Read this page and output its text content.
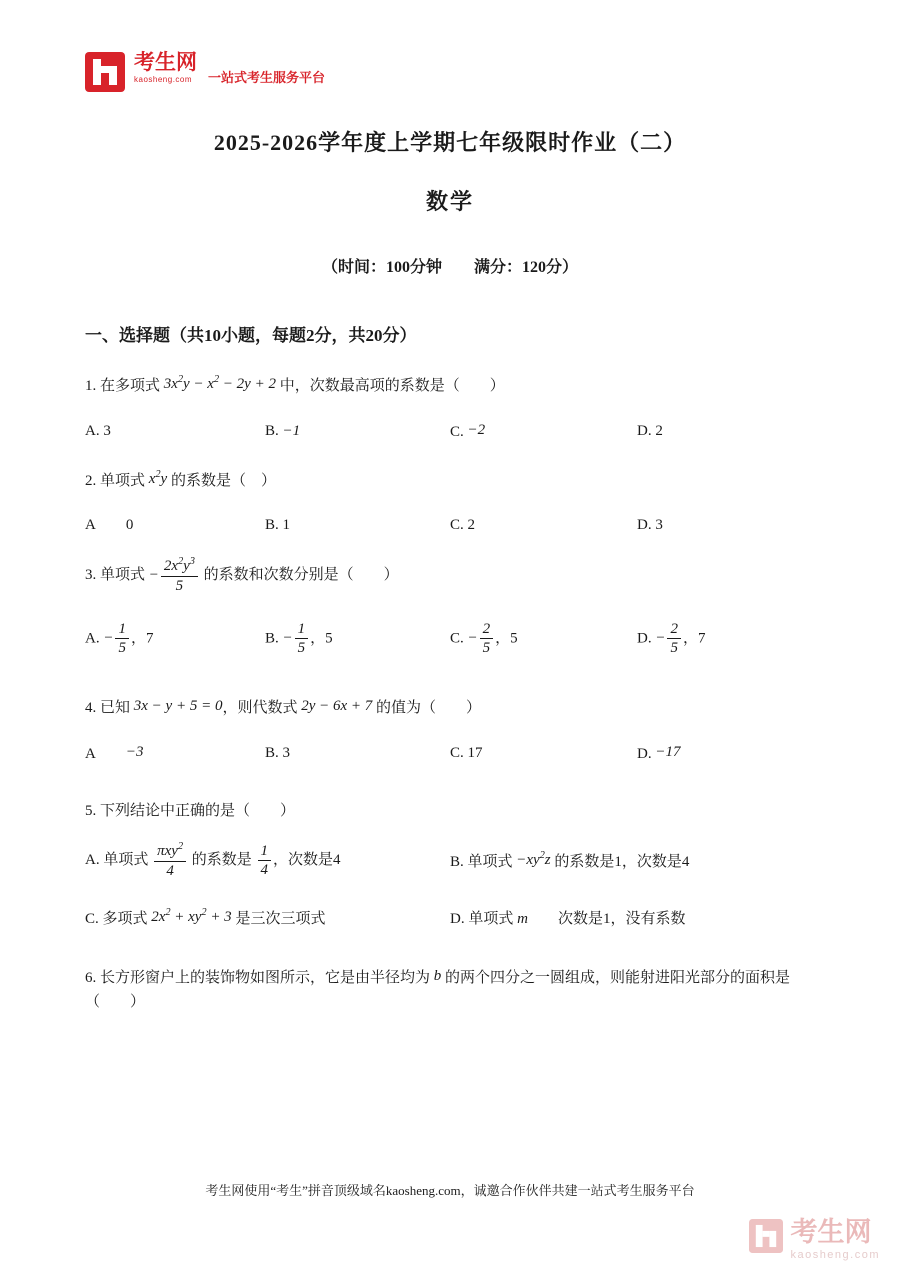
考生网
kaosheng.com	一站式考生服务平台
2025-2026学年度上学期七年级限时作业（二）
数学
（时间：100分钟　　满分：120分）
一、选择题（共10小题，每题2分，共20分）

1. 在多项式 $3x^2y - x^2 - 2y + 2$ 中，次数最高项的系数是（　　）

A. 3	B. −1	C. −2	D. 2

2. 单项式 $x^2y$ 的系数是（　）

A  0	B. 1	C. 2	D. 3

3. 单项式 − $\frac{2x^2y^3}{5}$ 的系数和次数分别是（　　）

A. − $\frac{1}{5}$ ，7	B. − $\frac{1}{5}$ ，5	C. − $\frac{2}{5}$ ，5	D. − $\frac{2}{5}$ ，7

4. 已知 3x − y + 5 = 0，则代数式 2y − 6x + 7 的值为（　　）

A  −3	B. 3	C. 17	D. −17

5. 下列结论中正确的是（　　）

A. 单项式 $\frac{\pi xy^2}{4}$ 的系数是 $\frac{1}{4}$ ，次数是4	B. 单项式 $-xy^2z$ 的系数是1，次数是4
C. 多项式 $2x^2 + xy^2 + 3$ 是三次三项式	D. 单项式 m  次数是1，没有系数

6. 长方形窗户上的装饰物如图所示，它是由半径均为 b 的两个四分之一圆组成，则能射进阳光部分的面积是（　　）

考生网使用“考生”拼音顶级域名kaosheng.com，诚邀合作伙伴共建一站式考生服务平台
考生网
kaosheng.com
